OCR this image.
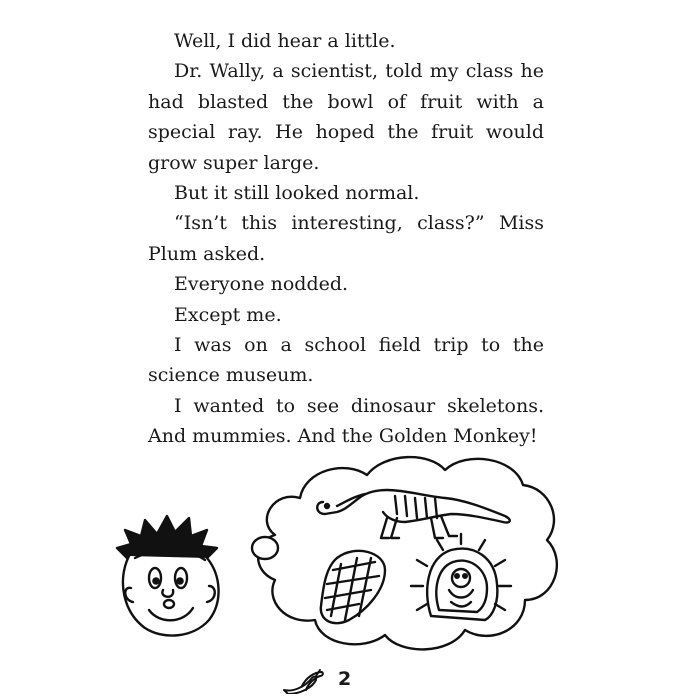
Well, I did hear a little.

Dr. Wally, a scientist, told my class he had blasted the bowl of fruit with a special ray. He hoped the fruit would grow super large.

But it still looked normal.

“Isn’t this interesting, class?” Miss Plum asked.

Everyone nodded.

Except me.

I was on a school field trip to the science museum.

I wanted to see dinosaur skeletons. And mummies. And the Golden Monkey!

2
